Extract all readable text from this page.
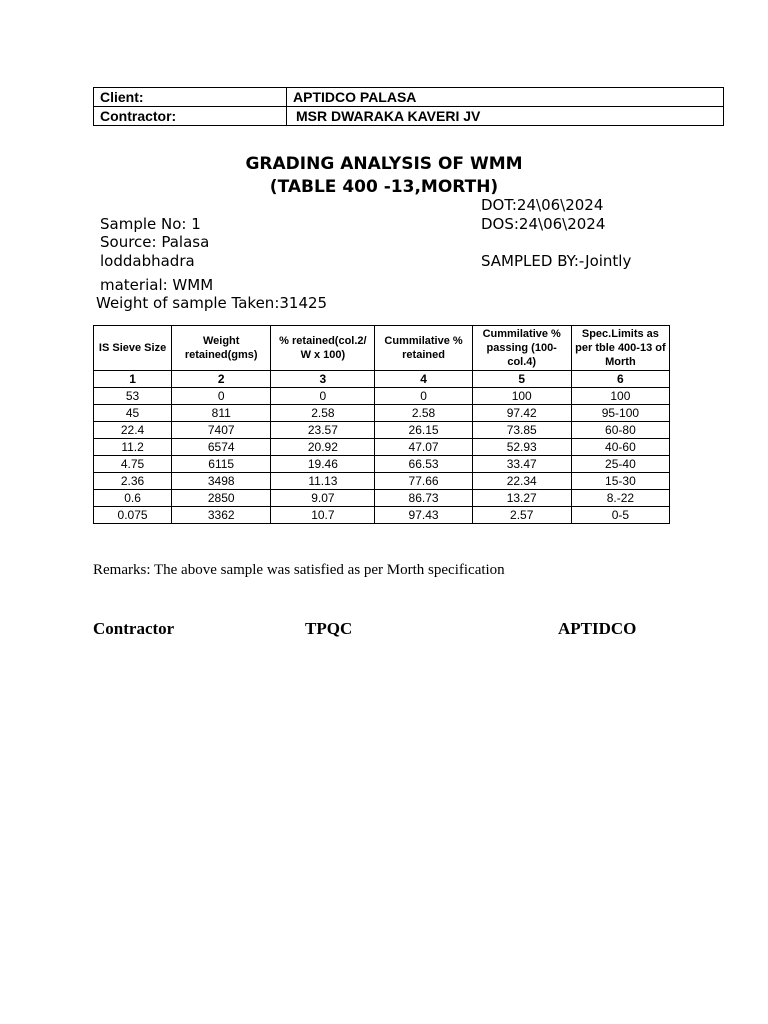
Client:	APTIDCO PALASA
Contractor:	MSR DWARAKA KAVERI JV
GRADING ANALYSIS OF WMM
(TABLE 400 -13,MORTH)
DOT:24\06\2024
DOS:24\06\2024
Sample No: 1
Source: Palasa
loddabhadra	SAMPLED BY:-Jointly
material: WMM
Weight of sample Taken:31425
IS Sieve Size	Weight retained(gms)	% retained(col.2/ W x 100)	Cummilative % retained	Cummilative % passing (100-col.4)	Spec.Limits as per tble 400-13 of Morth
1	2	3	4	5	6
53	0	0	0	100	100
45	811	2.58	2.58	97.42	95-100
22.4	7407	23.57	26.15	73.85	60-80
11.2	6574	20.92	47.07	52.93	40-60
4.75	6115	19.46	66.53	33.47	25-40
2.36	3498	11.13	77.66	22.34	15-30
0.6	2850	9.07	86.73	13.27	8.-22
0.075	3362	10.7	97.43	2.57	0-5
Remarks: The above sample was satisfied as per Morth specification
Contractor	TPQC	APTIDCO
